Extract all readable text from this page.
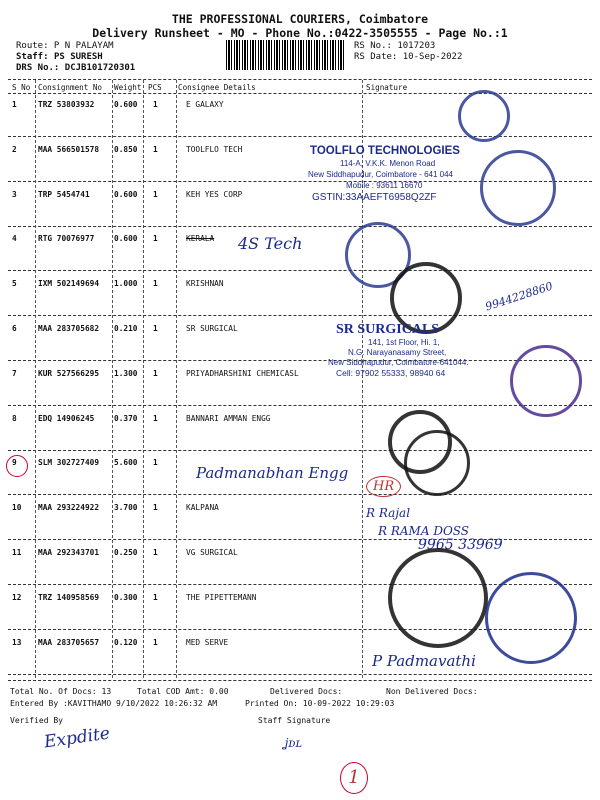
THE PROFESSIONAL COURIERS, Coimbatore
Delivery Runsheet - MO - Phone No.:0422-3505555 - Page No.:1
Route: P N PALAYAM
Staff: PS SURESH
DRS No.: DCJB101720301
RS No.: 1017203
RS Date: 10-Sep-2022
S No Consignment No Weight PCS Consignee Details	Signature
1	TRZ 53803932	0.600 1	E GALAXY
2	MAA 566501578 0.850 1	TOOLFLO TECH
3	TRP 5454741	0.600 1	KEH YES CORP
4	RTG 70076977	0.600 1	KERALA
5	IXM 502149694 1.000 1	KRISHNAN
6	MAA 283705682 0.210 1	SR SURGICAL
7	KUR 527566295 1.300 1	PRIYADHARSHINI CHEMICASL
8	EDQ 14906245	0.370 1	BANNARI AMMAN ENGG
9	SLM 302727409 5.600 1
10 MAA 293224922 3.700 1	KALPANA
11 MAA 292343701 0.250 1	VG SURGICAL
12 TRZ 140958569 0.300 1	THE PIPETTEMANN
13 MAA 283705657 0.120 1	MED SERVE
TOOLFLO TECHNOLOGIES
114-A, V.K.K. Menon Road
New Siddhapudur, Coimbatore - 641 044
Mobile : 93611 16670
GSTIN:33AAEFT6958Q2ZF
4S Tech
9944228860
SR SURGICALS
141, 1st Floor, Hi. 1,
N.G. Narayanasamy Street,
New Siddhapudur, Coimbatore-641044.
Cell: 97902 55333, 98940 64
Padmanabhan Engg
HR
R Rajal
R RAMA DOSS
9965 33969
P Padmavathi
Total No. Of Docs: 13	Total COD Amt: 0.00	Delivered Docs:	Non Delivered Docs:
Entered By :KAVITHAMO 9/10/2022 10:26:32 AM	Printed On: 10-09-2022 10:29:03
Verified By	Staff Signature
Expdite	ʝᴅʟ
1
